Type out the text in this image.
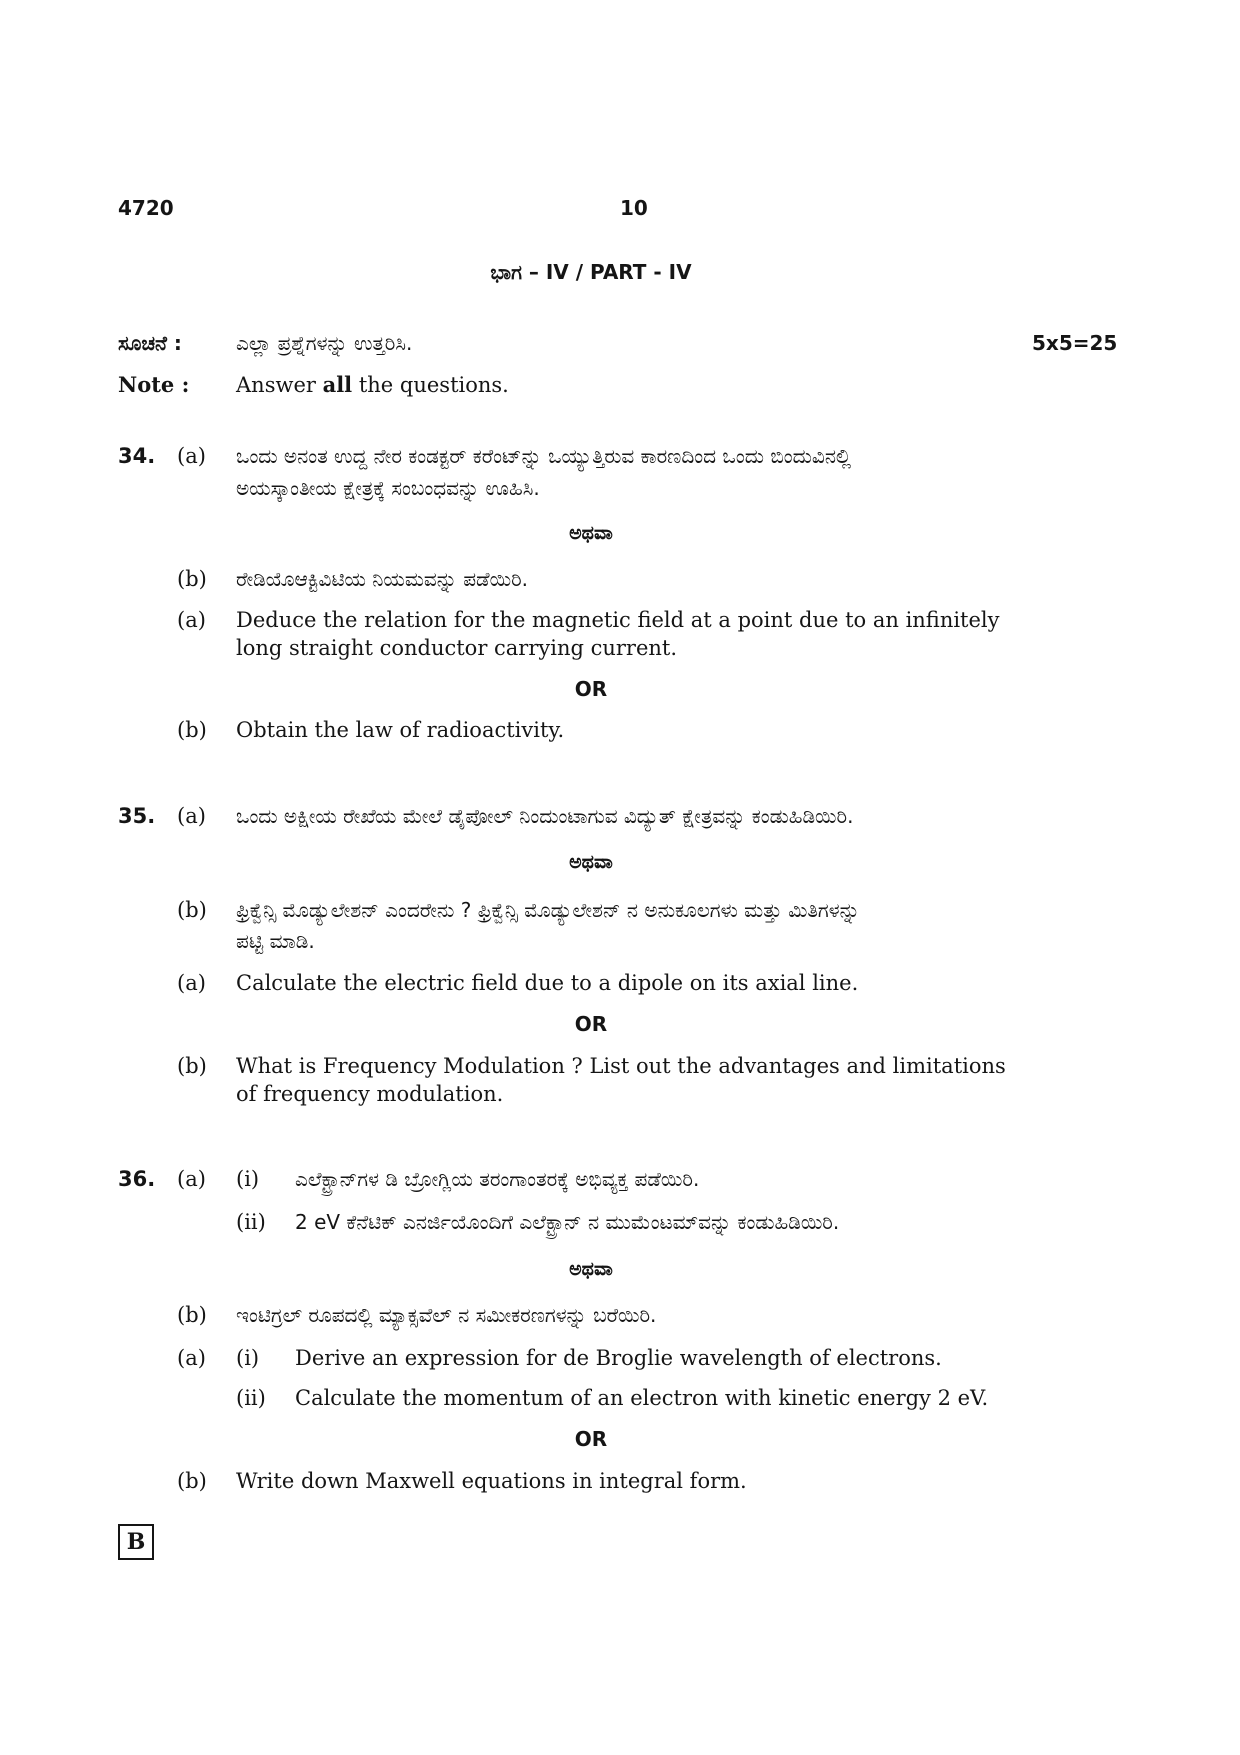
4720	10
ಭಾಗ – IV / PART - IV
ಸೂಚನೆ :	ಎಲ್ಲಾ ಪ್ರಶ್ನೆಗಳನ್ನು ಉತ್ತರಿಸಿ.	5x5=25
Note : Answer all the questions.
34. (a) ಒಂದು ಅನಂತ ಉದ್ದ ನೇರ ಕಂಡಕ್ಟರ್ ಕರೆಂಟ್‌ನ್ನು ಒಯ್ಯುತ್ತಿರುವ ಕಾರಣದಿಂದ ಒಂದು ಬಿಂದುವಿನಲ್ಲಿ
ಅಯಸ್ಕಾಂತೀಯ ಕ್ಷೇತ್ರಕ್ಕೆ ಸಂಬಂಧವನ್ನು ಊಹಿಸಿ.
ಅಥವಾ
(b) ರೇಡಿಯೊಆಕ್ಟಿವಿಟಿಯ ನಿಯಮವನ್ನು ಪಡೆಯಿರಿ.
(a) Deduce the relation for the magnetic field at a point due to an infinitely
long straight conductor carrying current.
OR
(b) Obtain the law of radioactivity.
35. (a) ಒಂದು ಅಕ್ಷೀಯ ರೇಖೆಯ ಮೇಲೆ ಡೈಪೋಲ್ ನಿಂದುಂಟಾಗುವ ವಿದ್ಯುತ್ ಕ್ಷೇತ್ರವನ್ನು ಕಂಡುಹಿಡಿಯಿರಿ.
ಅಥವಾ
(b) ಫ್ರಿಕ್ವೆನ್ಸಿ ಮೊಡ್ಯುಲೇಶನ್ ಎಂದರೇನು ? ಫ್ರಿಕ್ವೆನ್ಸಿ ಮೊಡ್ಯುಲೇಶನ್ ನ ಅನುಕೂಲಗಳು ಮತ್ತು ಮಿತಿಗಳನ್ನು
ಪಟ್ಟಿ ಮಾಡಿ.
(a) Calculate the electric field due to a dipole on its axial line.
OR
(b) What is Frequency Modulation ? List out the advantages and limitations
of frequency modulation.
36. (a) (i) ಎಲೆಕ್ಟ್ರಾನ್‌ಗಳ ಡಿ ಬ್ರೋಗ್ಲಿಯ ತರಂಗಾಂತರಕ್ಕೆ ಅಭಿವ್ಯಕ್ತ ಪಡೆಯಿರಿ.
(ii) 2 eV ಕೆನೆಟಿಕ್ ಎನರ್ಜಿಯೊಂದಿಗೆ ಎಲೆಕ್ಟ್ರಾನ್ ನ ಮುಮೆಂಟಮ್‌ವನ್ನು ಕಂಡುಹಿಡಿಯಿರಿ.
ಅಥವಾ
(b) ಇಂಟಿಗ್ರಲ್ ರೂಪದಲ್ಲಿ ಮ್ಯಾಕ್ಸವೆಲ್ ನ ಸಮೀಕರಣಗಳನ್ನು ಬರೆಯಿರಿ.
(a) (i) Derive an expression for de Broglie wavelength of electrons.
(ii) Calculate the momentum of an electron with kinetic energy 2 eV.
OR
(b) Write down Maxwell equations in integral form.
B
